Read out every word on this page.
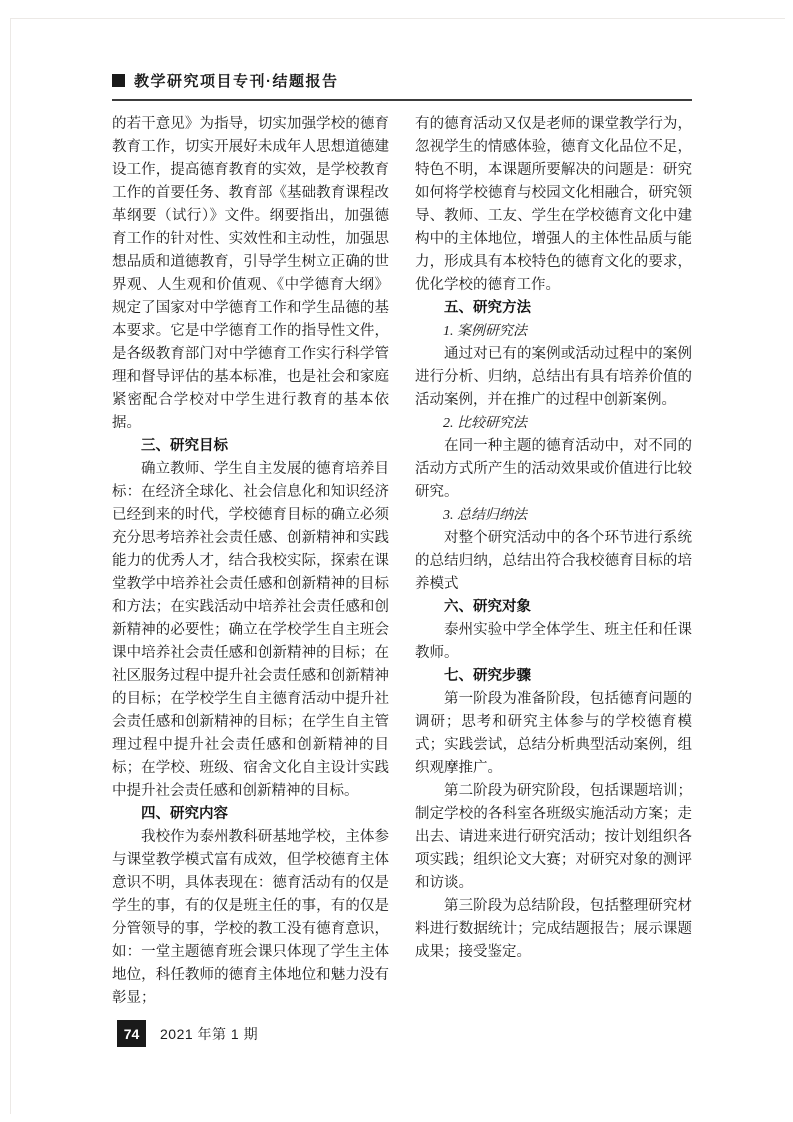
教学研究项目专刊·结题报告

的若干意见》为指导，切实加强学校的德育教育工作，切实开展好未成年人思想道德建设工作，提高德育教育的实效，是学校教育工作的首要任务、教育部《基础教育课程改革纲要（试行）》文件。纲要指出，加强德育工作的针对性、实效性和主动性，加强思想品质和道德教育，引导学生树立正确的世界观、人生观和价值观、《中学德育大纲》规定了国家对中学德育工作和学生品德的基本要求。它是中学德育工作的指导性文件，是各级教育部门对中学德育工作实行科学管理和督导评估的基本标准，也是社会和家庭紧密配合学校对中学生进行教育的基本依据。

三、研究目标

确立教师、学生自主发展的德育培养目标：在经济全球化、社会信息化和知识经济已经到来的时代，学校德育目标的确立必须充分思考培养社会责任感、创新精神和实践能力的优秀人才，结合我校实际，探索在课堂教学中培养社会责任感和创新精神的目标和方法；在实践活动中培养社会责任感和创新精神的必要性；确立在学校学生自主班会课中培养社会责任感和创新精神的目标；在社区服务过程中提升社会责任感和创新精神的目标；在学校学生自主德育活动中提升社会责任感和创新精神的目标；在学生自主管理过程中提升社会责任感和创新精神的目标；在学校、班级、宿舍文化自主设计实践中提升社会责任感和创新精神的目标。

四、研究内容

我校作为泰州教科研基地学校，主体参与课堂教学模式富有成效，但学校德育主体意识不明，具体表现在：德育活动有的仅是学生的事，有的仅是班主任的事，有的仅是分管领导的事，学校的教工没有德育意识，如：一堂主题德育班会课只体现了学生主体地位，科任教师的德育主体地位和魅力没有彰显；

有的德育活动又仅是老师的课堂教学行为，忽视学生的情感体验，德育文化品位不足，特色不明，本课题所要解决的问题是：研究如何将学校德育与校园文化相融合，研究领导、教师、工友、学生在学校德育文化中建构中的主体地位，增强人的主体性品质与能力，形成具有本校特色的德育文化的要求，优化学校的德育工作。

五、研究方法

1. 案例研究法

通过对已有的案例或活动过程中的案例进行分析、归纳，总结出有具有培养价值的活动案例，并在推广的过程中创新案例。

2. 比较研究法

在同一种主题的德育活动中，对不同的活动方式所产生的活动效果或价值进行比较研究。

3. 总结归纳法

对整个研究活动中的各个环节进行系统的总结归纳，总结出符合我校德育目标的培养模式

六、研究对象

泰州实验中学全体学生、班主任和任课教师。

七、研究步骤

第一阶段为准备阶段，包括德育问题的调研；思考和研究主体参与的学校德育模式；实践尝试，总结分析典型活动案例，组织观摩推广。

第二阶段为研究阶段，包括课题培训；制定学校的各科室各班级实施活动方案；走出去、请进来进行研究活动；按计划组织各项实践；组织论文大赛；对研究对象的测评和访谈。

第三阶段为总结阶段，包括整理研究材料进行数据统计；完成结题报告；展示课题成果；接受鉴定。

74 2021 年第 1 期
